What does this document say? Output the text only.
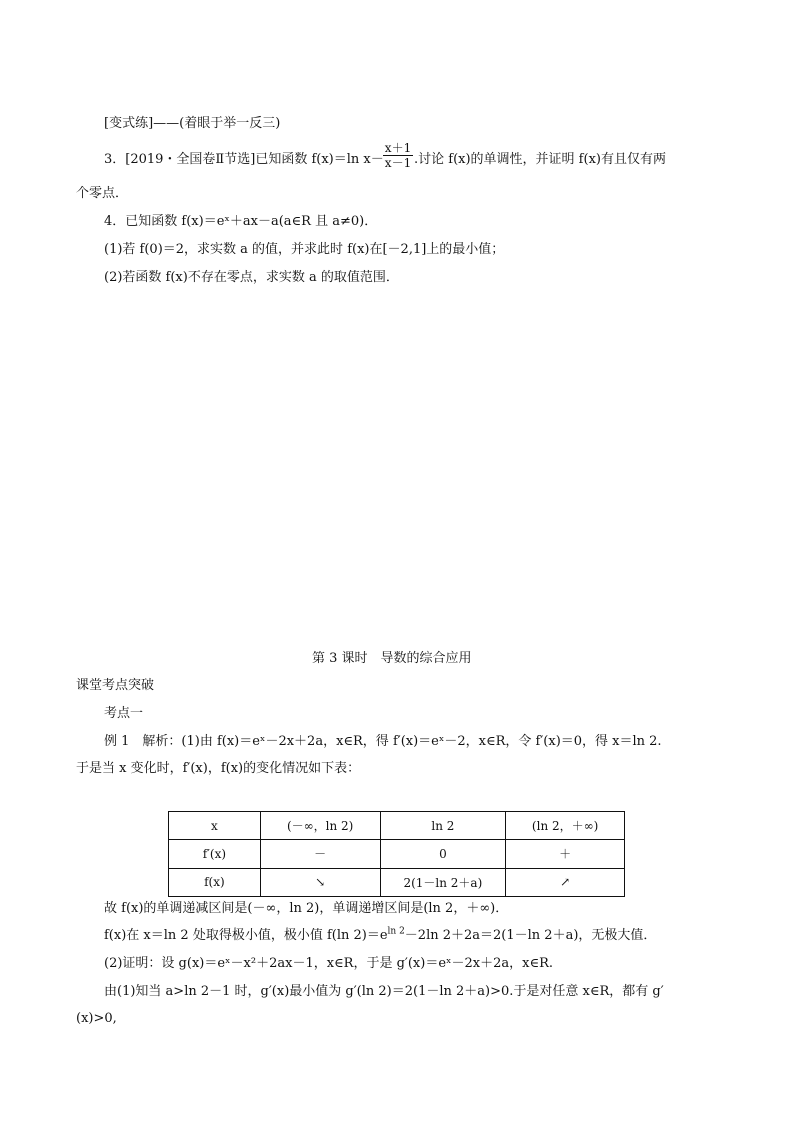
[变式练]——(着眼于举一反三)
3．[2019・全国卷Ⅱ节选]已知函数 f(x)＝ln $x- \frac{x+1}{x-1}$ .讨论 f(x)的单调性，并证明 f(x)有且仅有两
个零点．
4．已知函数 f(x)＝eˣ＋ax－a(a∈R 且 a≠0)．
(1)若 f(0)＝2，求实数 a 的值，并求此时 f(x)在[－2,1]上的最小值；
(2)若函数 f(x)不存在零点，求实数 a 的取值范围．
第 3 课时　导数的综合应用
课堂考点突破
考点一
例 1　解析：(1)由 f(x)＝eˣ－2x＋2a，x∈R，得 f′(x)＝eˣ－2，x∈R，令 f′(x)＝0，得 x＝ln 2.
于是当 x 变化时，f′(x)，f(x)的变化情况如下表：
x	(－∞，ln 2)	ln 2	(ln 2，＋∞)
f′(x)	－	0	＋
f(x)	↘	2(1－ln 2＋a)	↗
故 f(x)的单调递减区间是(－∞，ln 2)，单调递增区间是(ln 2，＋∞)．
f(x)在 x＝ln 2 处取得极小值，极小值 f(ln $2)=e^{ln 2}-2\ln$ 2＋2a＝2(1－ln 2＋a)，无极大值．
(2)证明：设 g(x)＝eˣ－x²＋2ax－1，x∈R，于是 g′(x)＝eˣ－2x＋2a，x∈R.
由(1)知当 a>ln 2－1 时，g′(x)最小值为 g′(ln 2)＝2(1－ln 2＋a)>0.于是对任意 x∈R，都有 g′
(x)>0,
